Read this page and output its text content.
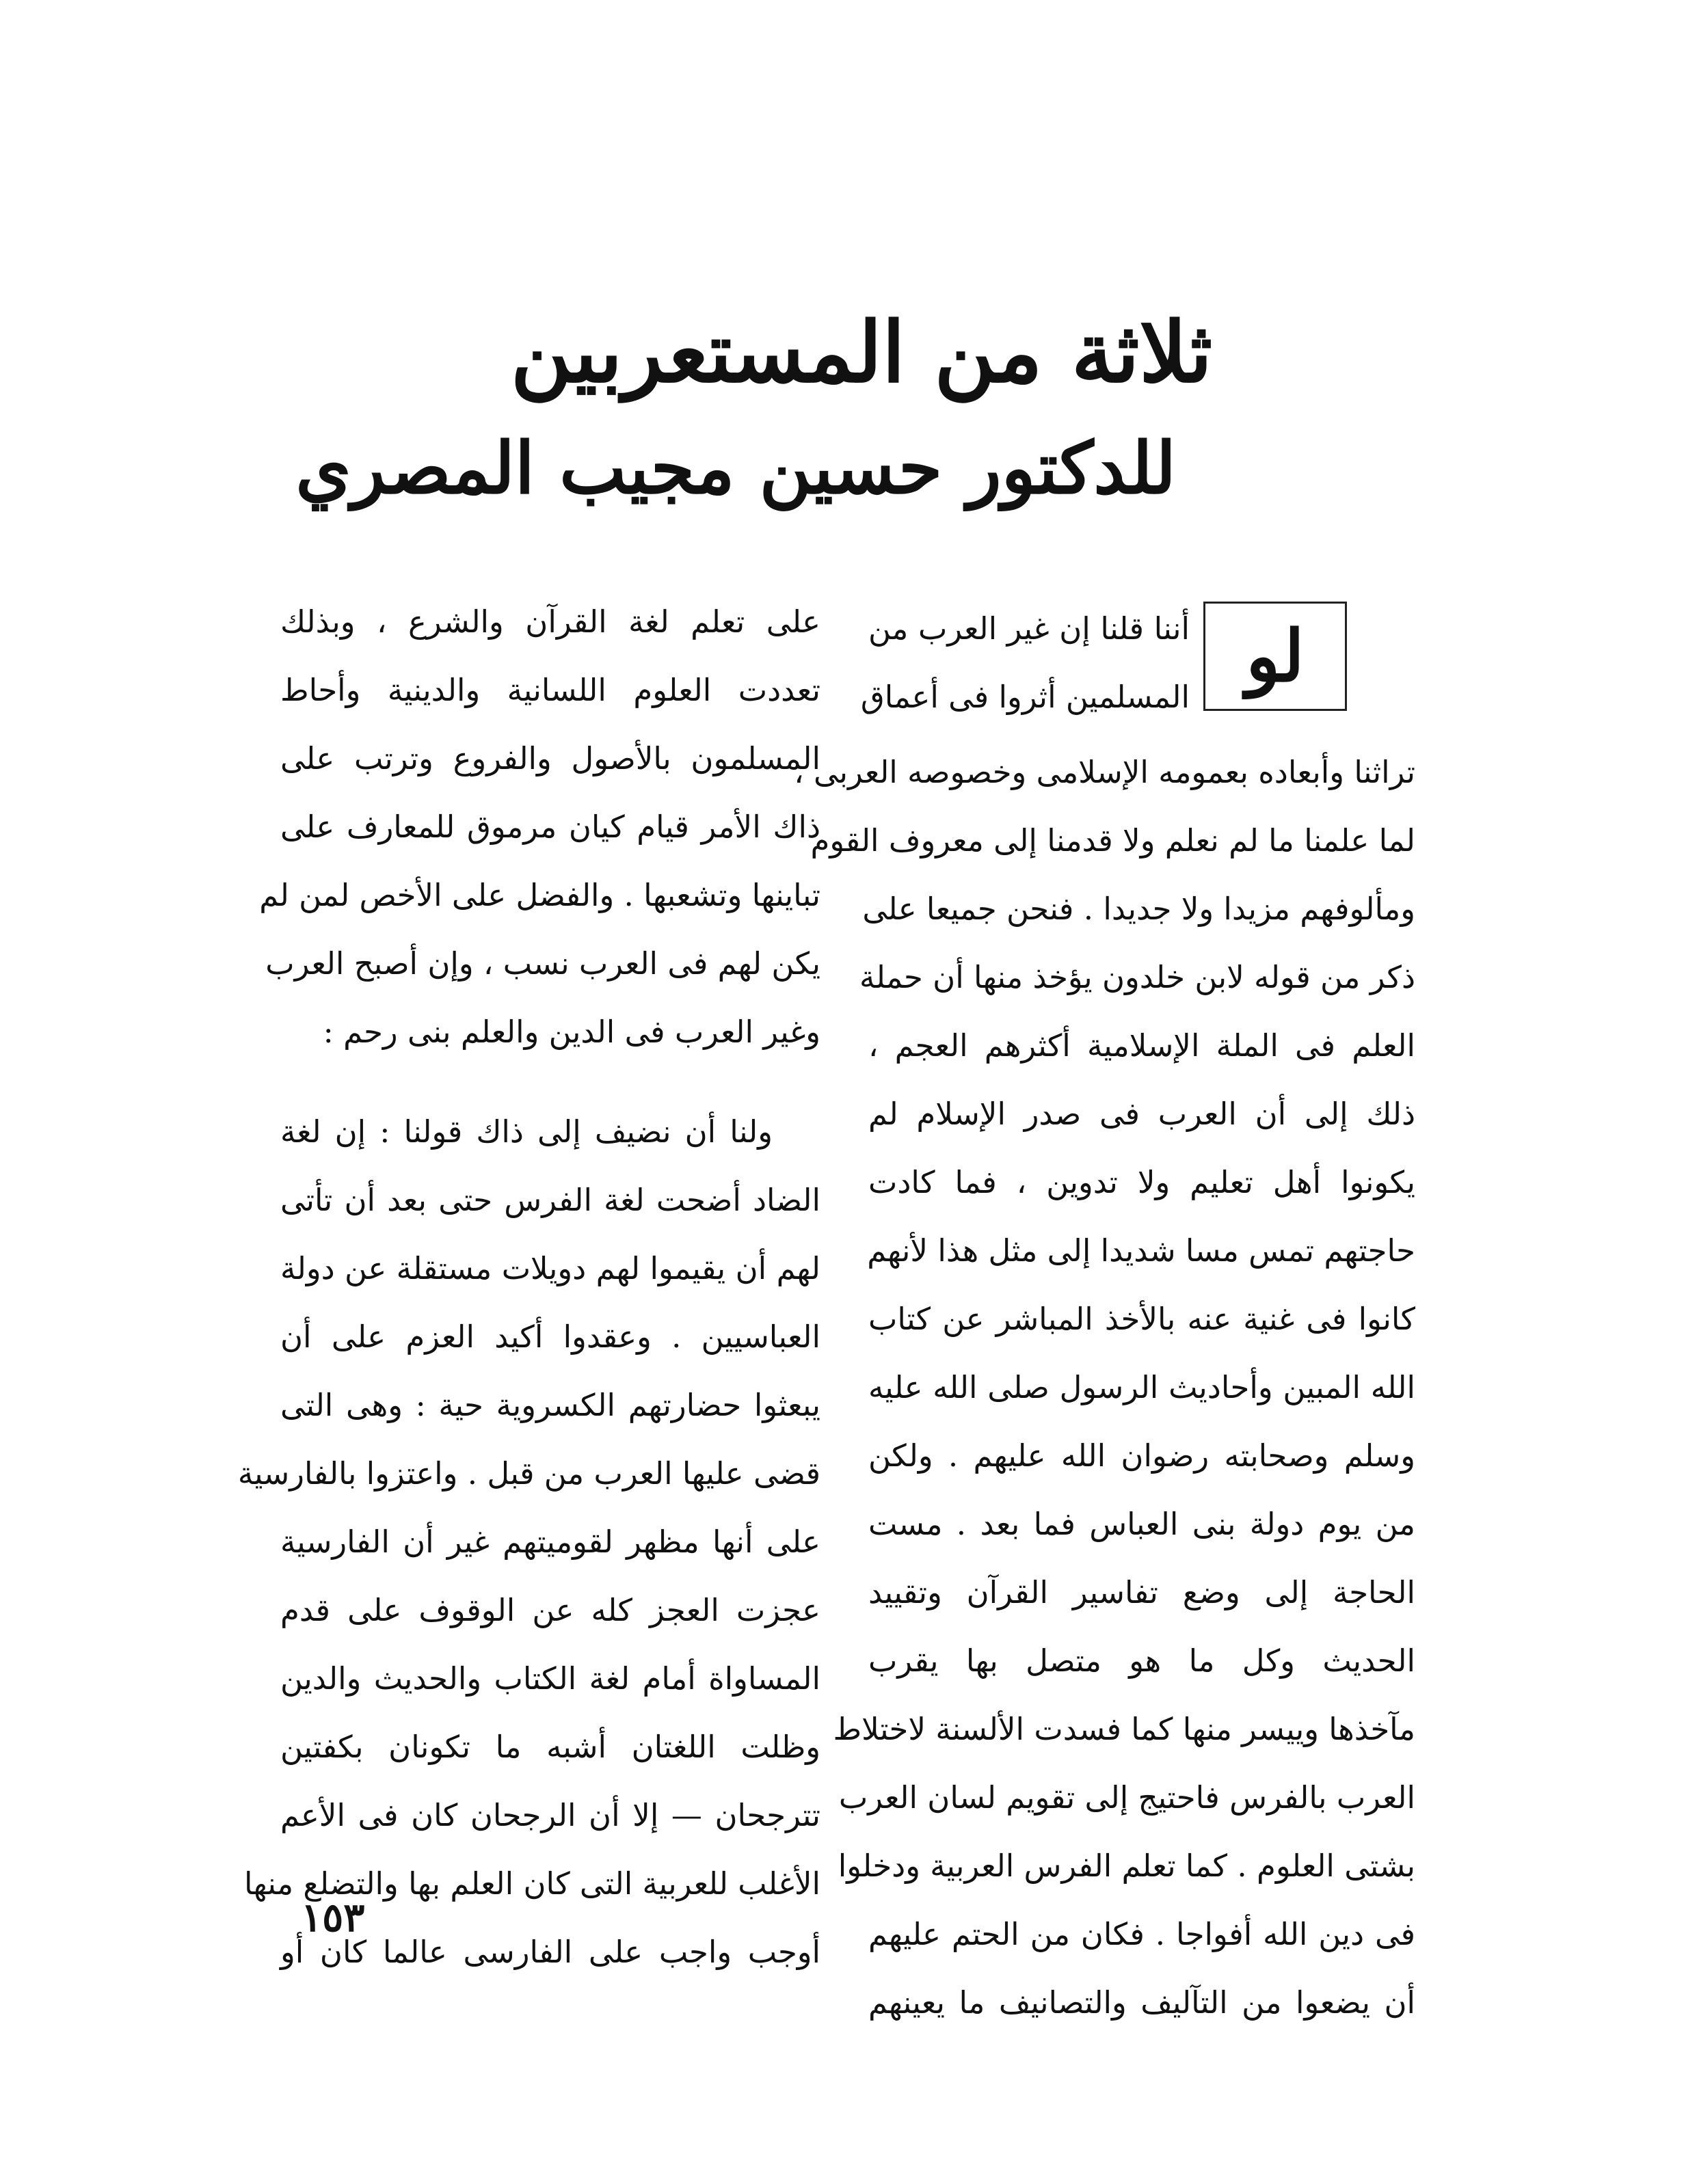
ثلاثة من المستعربين
للدكتور حسين مجيب المصري
لو
أننا قلنا إن غير العرب من
المسلمين أثروا فى أعماق
تراثنا وأبعاده بعمومه الإسلامى وخصوصه العربى ،
لما علمنا ما لم نعلم ولا قدمنا إلى معروف القوم
ومألوفهم مزيدا ولا جديدا . فنحن جميعا على
ذكر من قوله لابن خلدون يؤخذ منها أن حملة
العلم فى الملة الإسلامية أكثرهم العجم ،
ذلك إلى أن العرب فى صدر الإسلام لم
يكونوا أهل تعليم ولا تدوين ، فما كادت
حاجتهم تمس مسا شديدا إلى مثل هذا لأنهم
كانوا فى غنية عنه بالأخذ المباشر عن كتاب
الله المبين وأحاديث الرسول صلى الله عليه
وسلم وصحابته رضوان الله عليهم . ولكن
من يوم دولة بنى العباس فما بعد . مست
الحاجة إلى وضع تفاسير القرآن وتقييد
الحديث وكل ما هو متصل بها يقرب
مآخذها وييسر منها كما فسدت الألسنة لاختلاط
العرب بالفرس فاحتيج إلى تقويم لسان العرب
بشتى العلوم . كما تعلم الفرس العربية ودخلوا
فى دين الله أفواجا . فكان من الحتم عليهم
أن يضعوا من التآليف والتصانيف ما يعينهم
على تعلم لغة القرآن والشرع ، وبذلك
تعددت العلوم اللسانية والدينية وأحاط
المسلمون بالأصول والفروع وترتب على
ذاك الأمر قيام كيان مرموق للمعارف على
تباينها وتشعبها . والفضل على الأخص لمن لم
يكن لهم فى العرب نسب ، وإن أصبح العرب
وغير العرب فى الدين والعلم بنى رحم :
ولنا أن نضيف إلى ذاك قولنا : إن لغة
الضاد أضحت لغة الفرس حتى بعد أن تأتى
لهم أن يقيموا لهم دويلات مستقلة عن دولة
العباسيين . وعقدوا أكيد العزم على أن
يبعثوا حضارتهم الكسروية حية : وهى التى
قضى عليها العرب من قبل . واعتزوا بالفارسية
على أنها مظهر لقوميتهم غير أن الفارسية
عجزت العجز كله عن الوقوف على قدم
المساواة أمام لغة الكتاب والحديث والدين
وظلت اللغتان أشبه ما تكونان بكفتين
تترجحان — إلا أن الرجحان كان فى الأعم
الأغلب للعربية التى كان العلم بها والتضلع منها
أوجب واجب على الفارسى عالما كان أو
١٥٣
